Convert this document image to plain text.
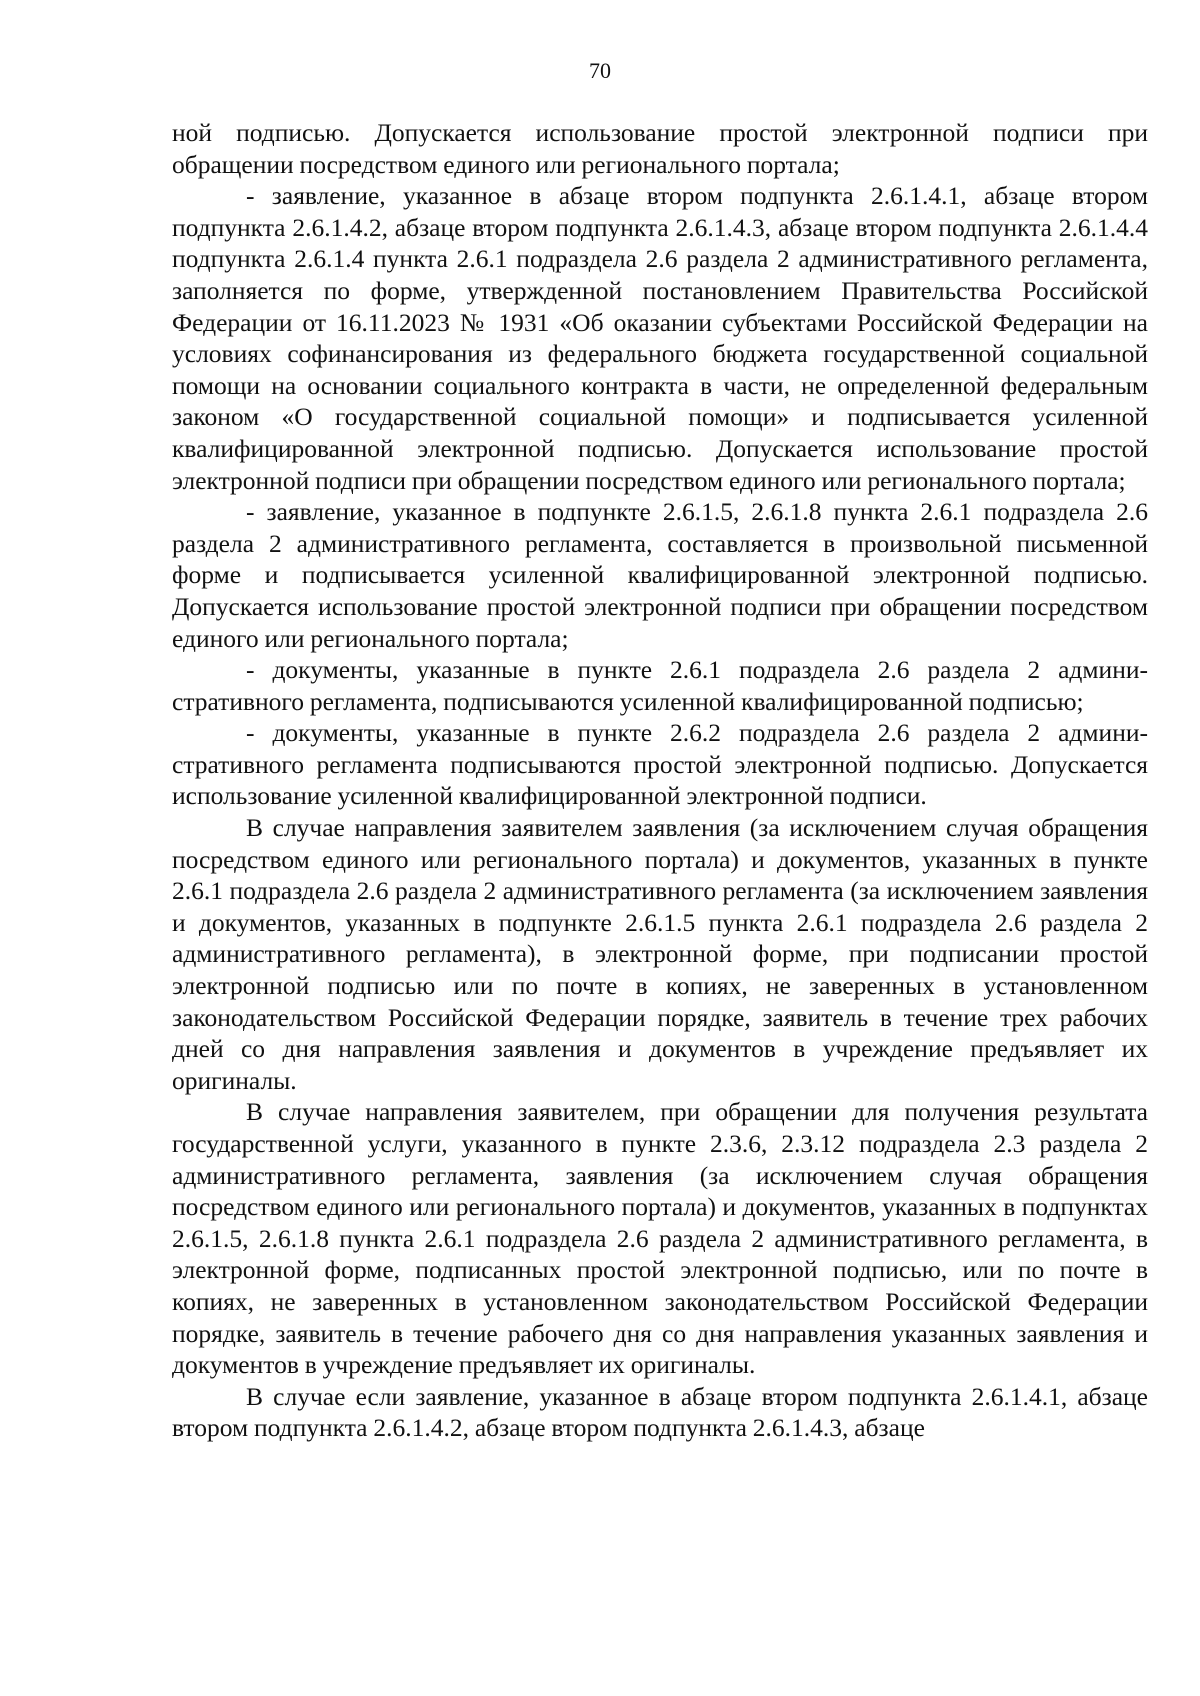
70

ной подписью. Допускается использование простой электронной подписи при обращении посредством единого или регионального портала;

- заявление, указанное в абзаце втором подпункта 2.6.1.4.1, абзаце втором подпункта 2.6.1.4.2, абзаце втором подпункта 2.6.1.4.3, абзаце втором подпункта 2.6.1.4.4 подпункта 2.6.1.4 пункта 2.6.1 подраздела 2.6 раздела 2 административного регламента, заполняется по форме, утвержденной постановлением Правительства Российской Федерации от 16.11.2023 № 1931 «Об оказании субъектами Российской Федерации на условиях софинансирования из федерального бюджета государственной социальной помощи на основании социального контракта в части, не определенной федеральным законом «О государственной социальной помощи» и подписывается усиленной квалифицированной электронной подписью. Допускается использование простой электронной подписи при обращении посредством единого или регионального портала;

- заявление, указанное в подпункте 2.6.1.5, 2.6.1.8 пункта 2.6.1 подраздела 2.6 раздела 2 административного регламента, составляется в произвольной письменной форме и подписывается усиленной квалифицированной электронной подписью. Допускается использование простой электронной подписи при обращении посредством единого или регионального портала;

- документы, указанные в пункте 2.6.1 подраздела 2.6 раздела 2 административного регламента, подписываются усиленной квалифицированной подписью;

- документы, указанные в пункте 2.6.2 подраздела 2.6 раздела 2 административного регламента подписываются простой электронной подписью. Допускается использование усиленной квалифицированной электронной подписи.

В случае направления заявителем заявления (за исключением случая обращения посредством единого или регионального портала) и документов, указанных в пункте 2.6.1 подраздела 2.6 раздела 2 административного регламента (за исключением заявления и документов, указанных в подпункте 2.6.1.5 пункта 2.6.1 подраздела 2.6 раздела 2 административного регламента), в электронной форме, при подписании простой электронной подписью или по почте в копиях, не заверенных в установленном законодательством Российской Федерации порядке, заявитель в течение трех рабочих дней со дня направления заявления и документов в учреждение предъявляет их оригиналы.

В случае направления заявителем, при обращении для получения результата государственной услуги, указанного в пункте 2.3.6, 2.3.12 подраздела 2.3 раздела 2 административного регламента, заявления (за исключением случая обращения посредством единого или регионального портала) и документов, указанных в подпунктах 2.6.1.5, 2.6.1.8 пункта 2.6.1 подраздела 2.6 раздела 2 административного регламента, в электронной форме, подписанных простой электронной подписью, или по почте в копиях, не заверенных в установленном законодательством Российской Федерации порядке, заявитель в течение рабочего дня со дня направления указанных заявления и документов в учреждение предъявляет их оригиналы.

В случае если заявление, указанное в абзаце втором подпункта 2.6.1.4.1, абзаце втором подпункта 2.6.1.4.2, абзаце втором подпункта 2.6.1.4.3, абзаце
